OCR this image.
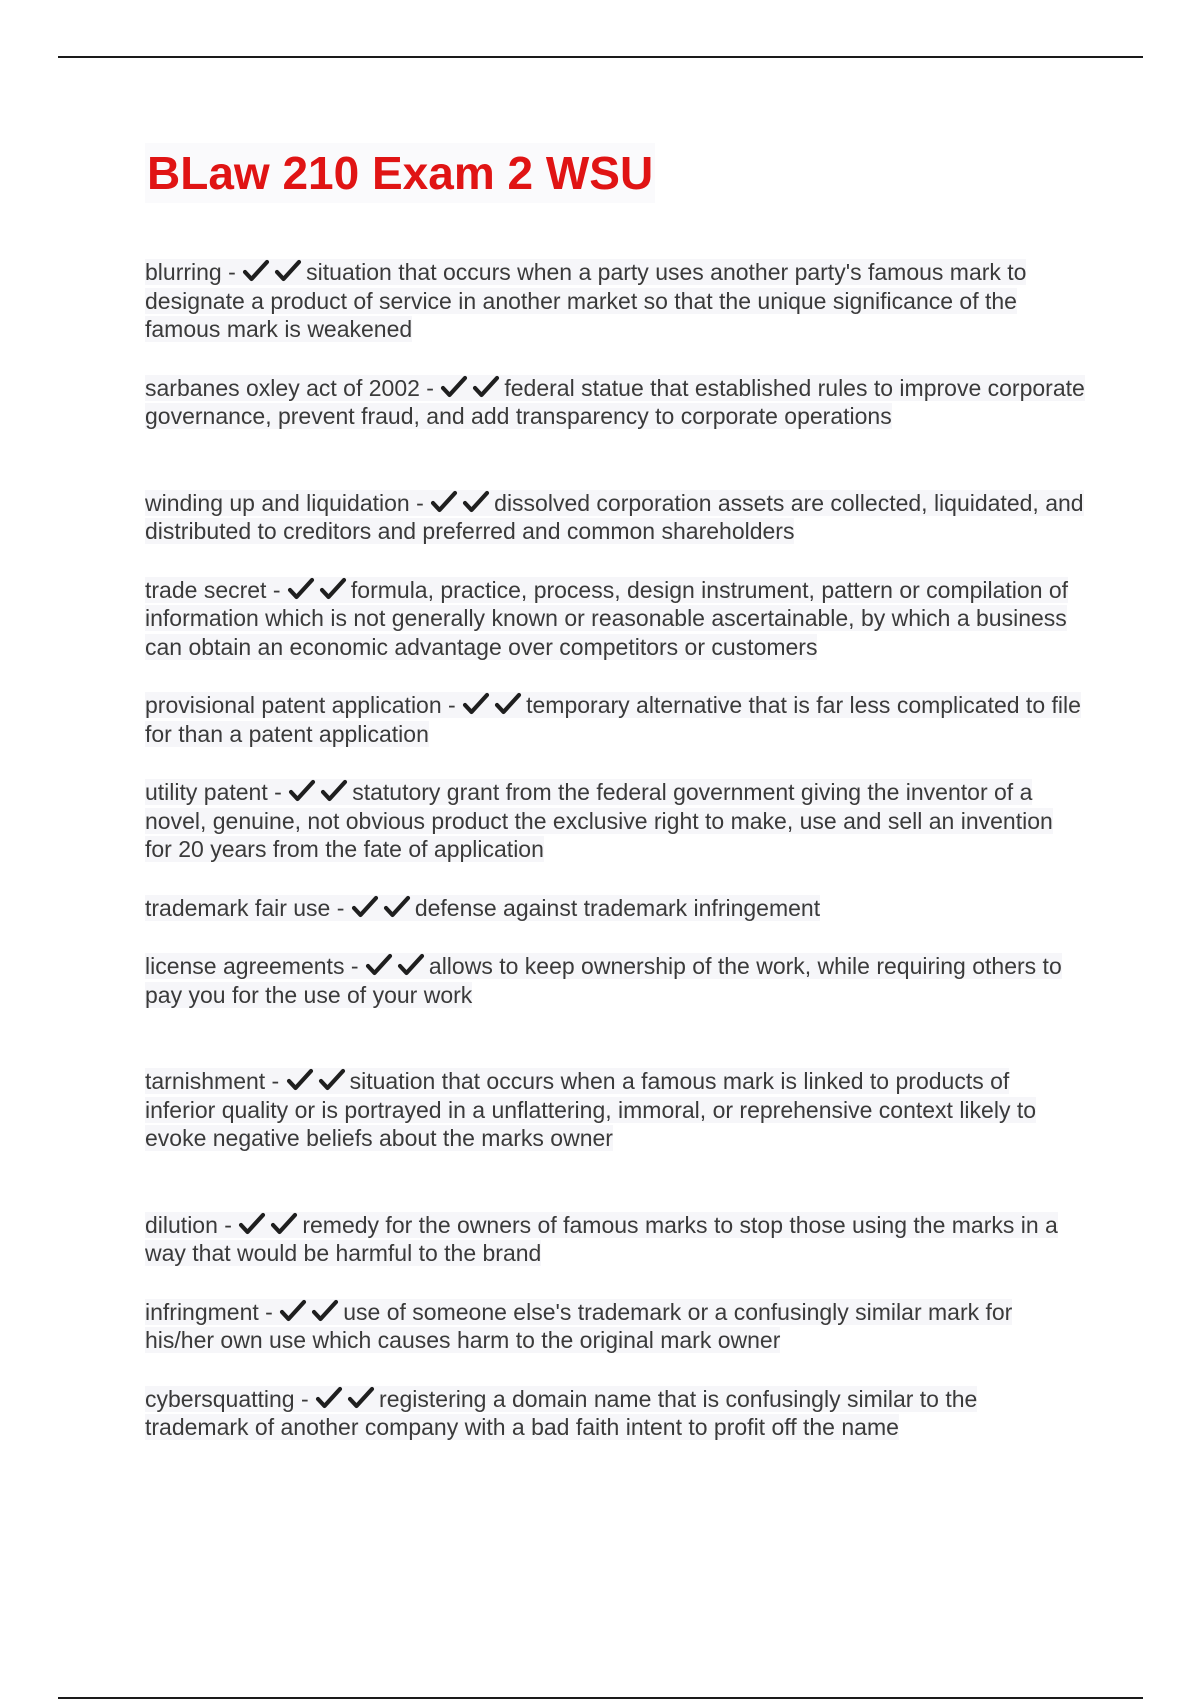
BLaw 210 Exam 2 WSU
blurring -	situation that occurs when a party uses another party's famous mark to designate a product of service in another market so that the unique significance of the famous mark is weakened
sarbanes oxley act of 2002 -	federal statue that established rules to improve corporate governance, prevent fraud, and add transparency to corporate operations
winding up and liquidation -	dissolved corporation assets are collected, liquidated, and distributed to creditors and preferred and common shareholders
trade secret -	formula, practice, process, design instrument, pattern or compilation of information which is not generally known or reasonable ascertainable, by which a business can obtain an economic advantage over competitors or customers
provisional patent application -	temporary alternative that is far less complicated to file for than a patent application
utility patent -	statutory grant from the federal government giving the inventor of a novel, genuine, not obvious product the exclusive right to make, use and sell an invention for 20 years from the fate of application
trademark fair use -	defense against trademark infringement
license agreements -	allows to keep ownership of the work, while requiring others to pay you for the use of your work
tarnishment -	situation that occurs when a famous mark is linked to products of inferior quality or is portrayed in a unflattering, immoral, or reprehensive context likely to evoke negative beliefs about the marks owner
dilution -	remedy for the owners of famous marks to stop those using the marks in a way that would be harmful to the brand
infringment -	use of someone else's trademark or a confusingly similar mark for his/her own use which causes harm to the original mark owner
cybersquatting -	registering a domain name that is confusingly similar to the trademark of another company with a bad faith intent to profit off the name
